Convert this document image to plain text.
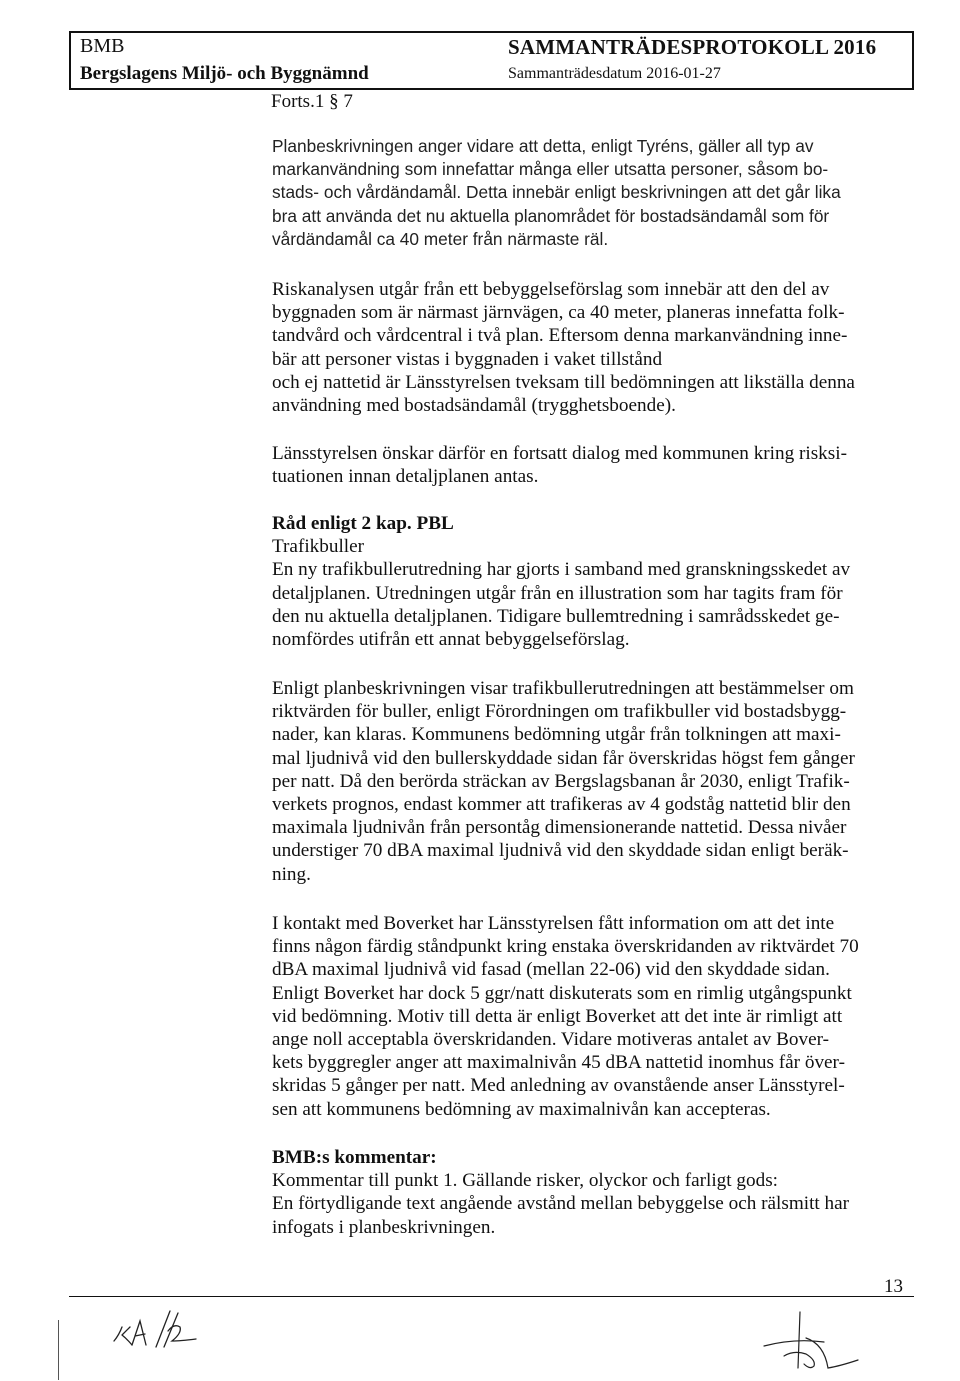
BMB
Bergslagens Miljö- och Byggnämnd
SAMMANTRÄDESPROTOKOLL 2016
Sammanträdesdatum 2016-01-27
Forts.1 § 7
Planbeskrivningen anger vidare att detta, enligt Tyréns, gäller all typ av
markanvändning som innefattar många eller utsatta personer, såsom bo-
stads- och vårdändamål. Detta innebär enligt beskrivningen att det går lika
bra att använda det nu aktuella planområdet för bostadsändamål som för
vårdändamål ca 40 meter från närmaste räl.
Riskanalysen utgår från ett bebyggelseförslag som innebär att den del av
byggnaden som är närmast järnvägen, ca 40 meter, planeras innefatta folk-
tandvård och vårdcentral i två plan. Eftersom denna markanvändning inne-
bär att personer vistas i byggnaden i vaket tillstånd
och ej nattetid är Länsstyrelsen tveksam till bedömningen att likställa denna
användning med bostadsändamål (trygghetsboende).
Länsstyrelsen önskar därför en fortsatt dialog med kommunen kring risksi-
tuationen innan detaljplanen antas.
Råd enligt 2 kap. PBL
Trafikbuller
En ny trafikbullerutredning har gjorts i samband med granskningsskedet av
detaljplanen. Utredningen utgår från en illustration som har tagits fram för
den nu aktuella detaljplanen. Tidigare bullemtredning i samrådsskedet ge-
nomfördes utifrån ett annat bebyggelseförslag.
Enligt planbeskrivningen visar trafikbullerutredningen att bestämmelser om
riktvärden för buller, enligt Förordningen om trafikbuller vid bostadsbygg-
nader, kan klaras. Kommunens bedömning utgår från tolkningen att maxi-
mal ljudnivå vid den bullerskyddade sidan får överskridas högst fem gånger
per natt. Då den berörda sträckan av Bergslagsbanan år 2030, enligt Trafik-
verkets prognos, endast kommer att trafikeras av 4 godståg nattetid blir den
maximala ljudnivån från persontåg dimensionerande nattetid. Dessa nivåer
understiger 70 dBA maximal ljudnivå vid den skyddade sidan enligt beräk-
ning.
I kontakt med Boverket har Länsstyrelsen fått information om att det inte
finns någon färdig ståndpunkt kring enstaka överskridanden av riktvärdet 70
dBA maximal ljudnivå vid fasad (mellan 22-06) vid den skyddade sidan.
Enligt Boverket har dock 5 ggr/natt diskuterats som en rimlig utgångspunkt
vid bedömning. Motiv till detta är enligt Boverket att det inte är rimligt att
ange noll acceptabla överskridanden. Vidare motiveras antalet av Bover-
kets byggregler anger att maximalnivån 45 dBA nattetid inomhus får över-
skridas 5 gånger per natt. Med anledning av ovanstående anser Länsstyrel-
sen att kommunens bedömning av maximalnivån kan accepteras.
BMB:s kommentar:
Kommentar till punkt 1. Gällande risker, olyckor och farligt gods:
En förtydligande text angående avstånd mellan bebyggelse och rälsmitt har
infogats i planbeskrivningen.
13
